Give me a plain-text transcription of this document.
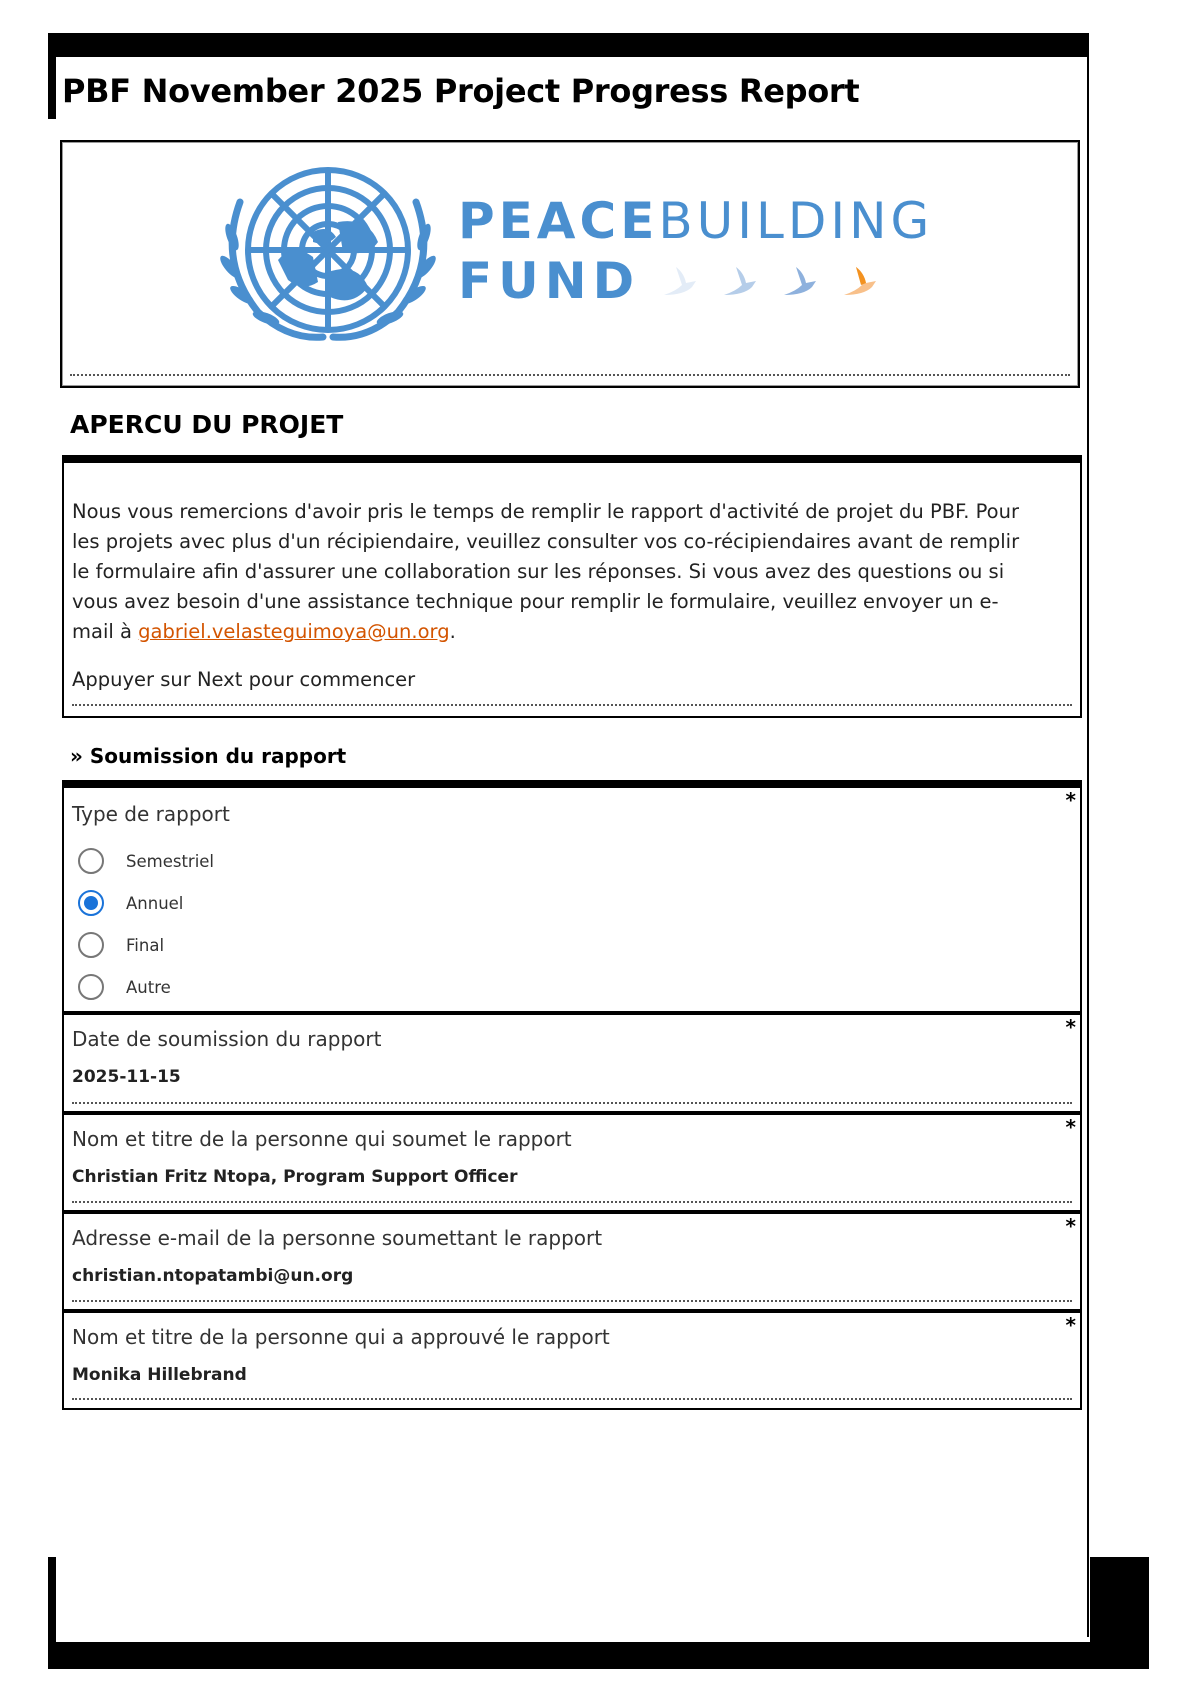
PBF November 2025 Project Progress Report
PEACEBUILDING
FUND
APERCU DU PROJET

Nous vous remercions d'avoir pris le temps de remplir le rapport d'activité de projet du PBF. Pour les projets avec plus d'un récipiendaire, veuillez consulter vos co-récipiendaires avant de remplir le formulaire afin d'assurer une collaboration sur les réponses. Si vous avez des questions ou si vous avez besoin d'une assistance technique pour remplir le formulaire, veuillez envoyer un e-mail à gabriel.velasteguimoya@un.org.

Appuyer sur Next pour commencer

» Soumission du rapport
*

Type de rapport

Semestriel
Annuel
Final
Autre
*

Date de soumission du rapport

2025-11-15

*

Nom et titre de la personne qui soumet le rapport

Christian Fritz Ntopa, Program Support Officer

*

Adresse e-mail de la personne soumettant le rapport

christian.ntopatambi@un.org

*

Nom et titre de la personne qui a approuvé le rapport

Monika Hillebrand
